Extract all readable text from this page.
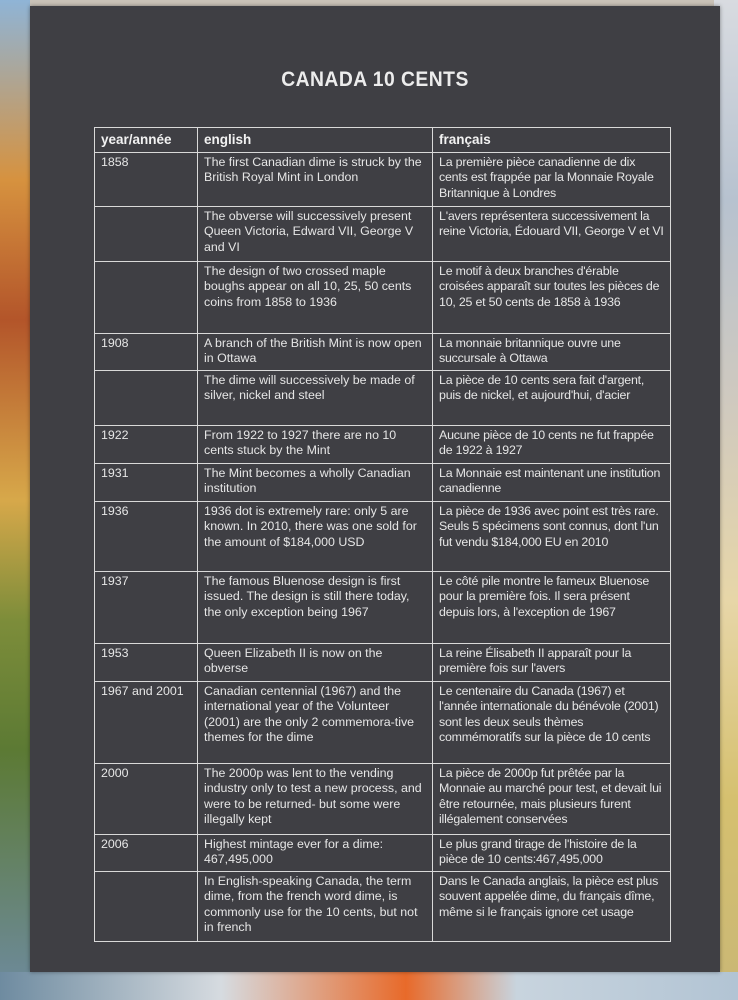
CANADA 10 CENTS
year/année	english	français
1858	The first Canadian dime is struck by the British Royal Mint in London	La première pièce canadienne de dix cents est frappée par la Monnaie Royale Britannique à Londres
	The obverse will successively present Queen Victoria, Edward VII, George V and VI	L'avers représentera successivement la reine Victoria, Édouard VII, George V et VI
	The design of two crossed maple boughs appear on all 10, 25, 50 cents coins from 1858 to 1936	Le motif à deux branches d'érable croisées apparaît sur toutes les pièces de 10, 25 et 50 cents de 1858 à 1936
1908	A branch of the British Mint is now open in Ottawa	La monnaie britannique ouvre une succursale à Ottawa
	The dime will successively be made of silver, nickel and steel	La pièce de 10 cents sera fait d'argent, puis de nickel, et aujourd'hui, d'acier
1922	From 1922 to 1927 there are no 10 cents stuck by the Mint	Aucune pièce de 10 cents ne fut frappée de 1922 à 1927
1931	The Mint becomes a wholly Canadian institution	La Monnaie est maintenant une institution canadienne
1936	1936 dot is extremely rare: only 5 are known. In 2010, there was one sold for the amount of $184,000 USD	La pièce de 1936 avec point est très rare. Seuls 5 spécimens sont connus, dont l'un fut vendu $184,000 EU en 2010
1937	The famous Bluenose design is first issued. The design is still there today, the only exception being 1967	Le côté pile montre le fameux Bluenose pour la première fois. Il sera présent depuis lors, à l'exception de 1967
1953	Queen Elizabeth II is now on the obverse	La reine Élisabeth II apparaît pour la première fois sur l'avers
1967 and 2001	Canadian centennial (1967) and the international year of the Volunteer (2001) are the only 2 commemora-tive themes for the dime	Le centenaire du Canada (1967) et l'année internationale du bénévole (2001) sont les deux seuls thèmes commémoratifs sur la pièce de 10 cents
2000	The 2000p was lent to the vending industry only to test a new process, and were to be returned- but some were illegally kept	La pièce de 2000p fut prêtée par la Monnaie au marché pour test, et devait lui être retournée, mais plusieurs furent illégalement conservées
2006	Highest mintage ever for a dime: 467,495,000	Le plus grand tirage de l'histoire de la pièce de 10 cents:467,495,000
	In English-speaking Canada, the term dime, from the french word dime, is commonly use for the 10 cents, but not in french	Dans le Canada anglais, la pièce est plus souvent appelée dime, du français dîme, même si le français ignore cet usage
